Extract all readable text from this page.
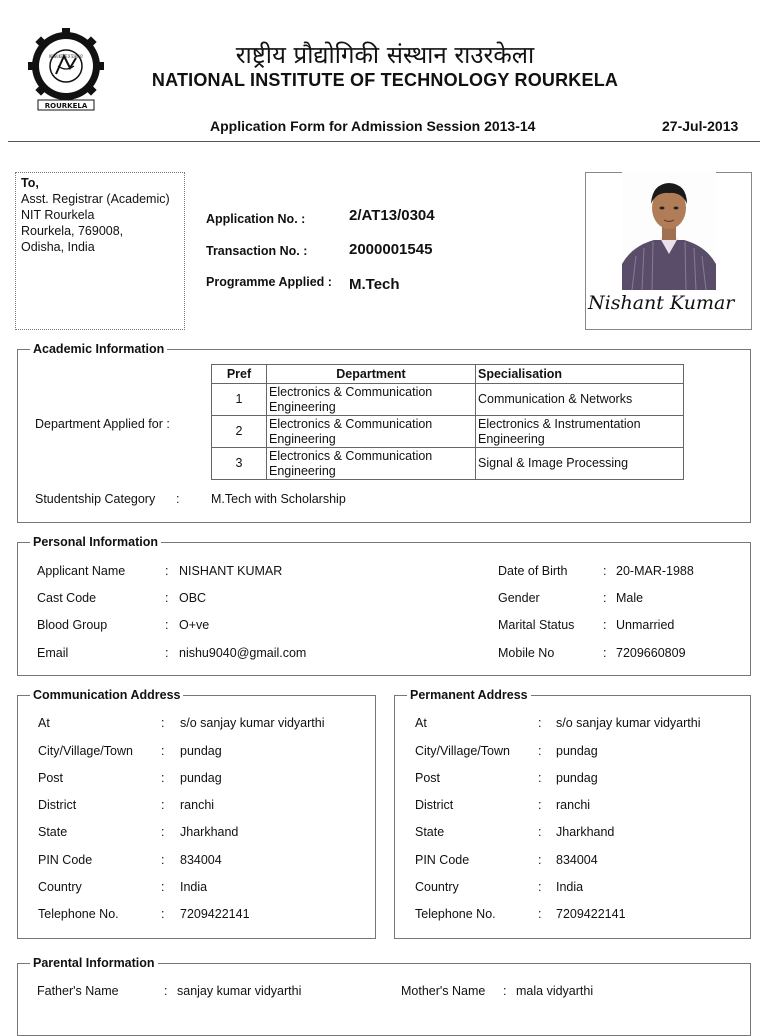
NATIONAL INSTITUTE OF TECHNOLOGY
ROURKELA
राष्ट्रीय प्रौद्योगिकी संस्थान राउरकेला
NATIONAL INSTITUTE OF TECHNOLOGY ROURKELA
Application Form for Admission Session 2013-14	27-Jul-2013
To,
Asst. Registrar (Academic)
NIT Rourkela
Rourkela, 769008,
Odisha, India
Application No. :	2/AT13/0304
Transaction No. :	2000001545
Programme Applied : M.Tech
Nishant Kumar
Academic Information
Department Applied for :
Pref	Department	Specialisation
1	Electronics & Communication Engineering	Communication & Networks
2	Electronics & Communication Engineering	Electronics & Instrumentation Engineering
3	Electronics & Communication Engineering	Signal & Image Processing
Studentship Category :	M.Tech with Scholarship
Personal Information
Applicant Name	: NISHANT KUMAR
Cast Code	: OBC
Blood Group	: O+ve
Email	: nishu9040@gmail.com
Date of Birth	: 20-MAR-1988
Gender	: Male
Marital Status : Unmarried
Mobile No	: 7209660809
Communication Address
At	: s/o sanjay kumar vidyarthi
City/Village/Town : pundag
Post	: pundag
District	: ranchi
State	: Jharkhand
PIN Code	: 834004
Country	: India
Telephone No.	: 7209422141
Permanent Address
At	: s/o sanjay kumar vidyarthi
City/Village/Town : pundag
Post	: pundag
District	: ranchi
State	: Jharkhand
PIN Code	: 834004
Country	: India
Telephone No.	: 7209422141
Parental Information
Father's Name	: sanjay kumar vidyarthi	Mother's Name : mala vidyarthi
